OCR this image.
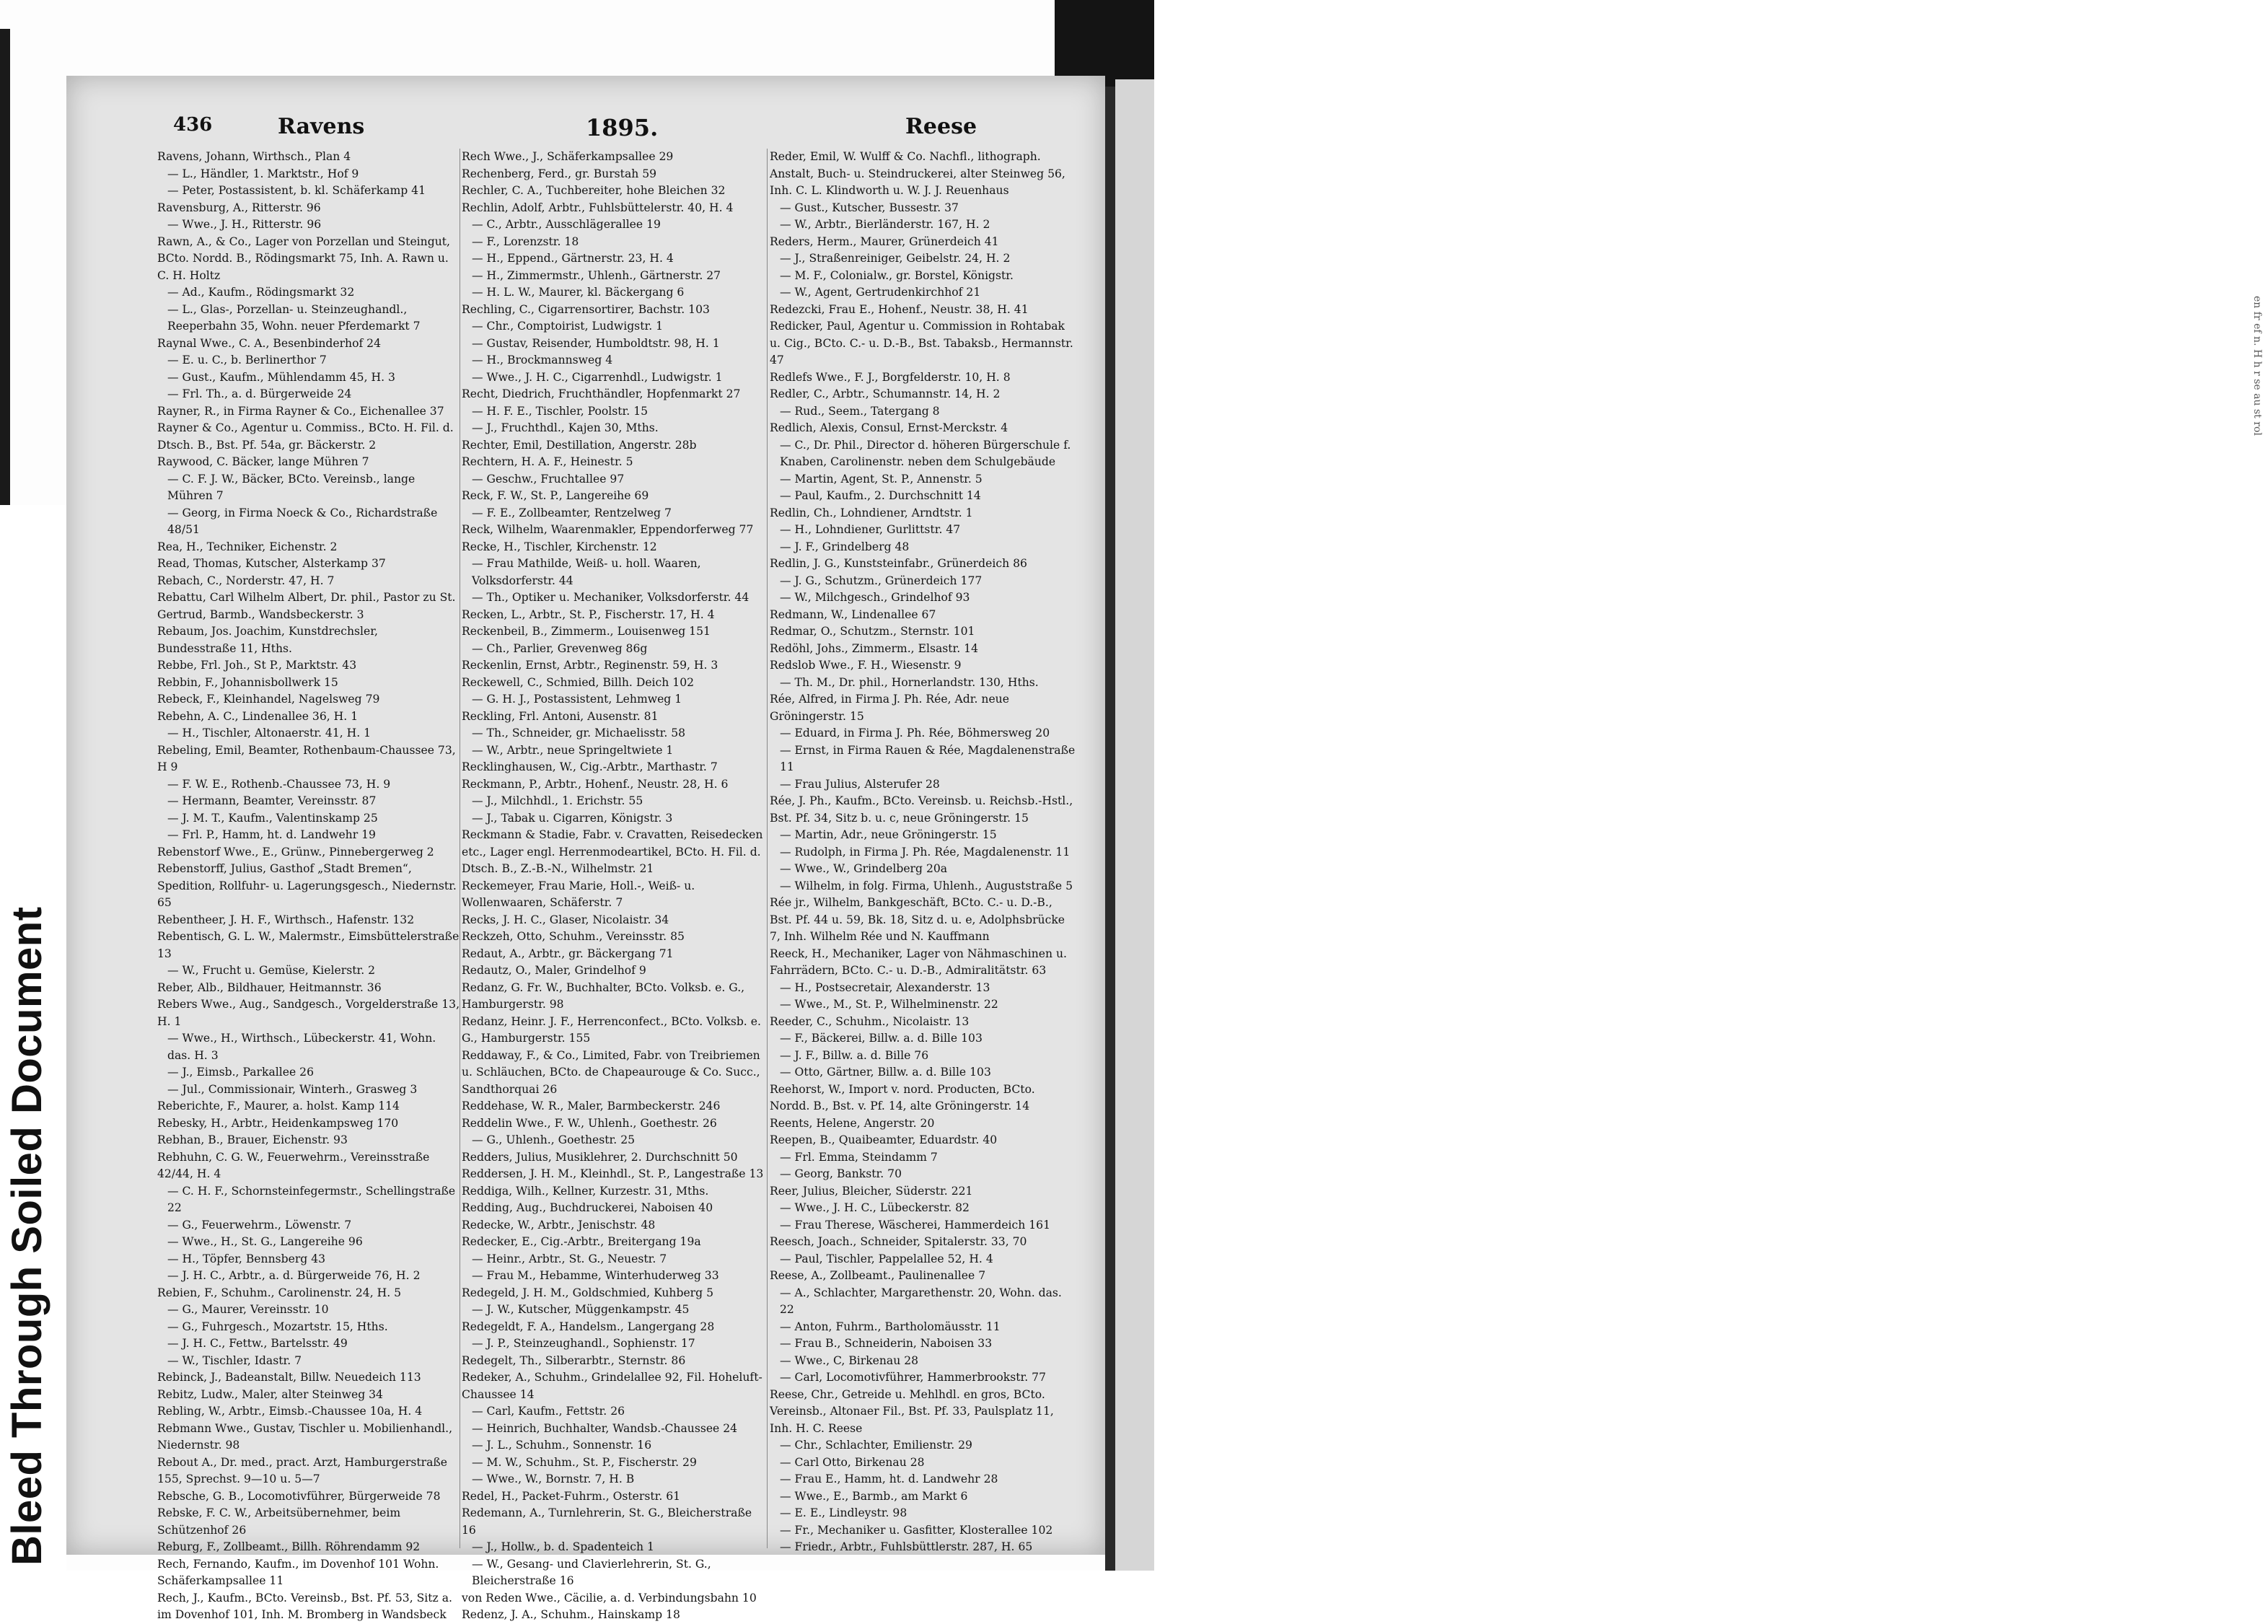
en fr ef n. H h r se au st rol
Bleed Through Soiled Document
436	Ravens	1895.	Reese
Ravens, Johann, Wirthsch., Plan 4
— L., Händler, 1. Marktstr., Hof 9
— Peter, Postassistent, b. kl. Schäferkamp 41
Ravensburg, A., Ritterstr. 96
— Wwe., J. H., Ritterstr. 96
Rawn, A., & Co., Lager von Porzellan und Steingut, BCto. Nordd. B., Rödingsmarkt 75, Inh. A. Rawn u. C. H. Holtz
— Ad., Kaufm., Rödingsmarkt 32
— L., Glas-, Porzellan- u. Steinzeughandl., Reeperbahn 35, Wohn. neuer Pferdemarkt 7
Raynal Wwe., C. A., Besenbinderhof 24
— E. u. C., b. Berlinerthor 7
— Gust., Kaufm., Mühlendamm 45, H. 3
— Frl. Th., a. d. Bürgerweide 24
Rayner, R., in Firma Rayner & Co., Eichenallee 37
Rayner & Co., Agentur u. Commiss., BCto. H. Fil. d. Dtsch. B., Bst. Pf. 54a, gr. Bäckerstr. 2
Raywood, C. Bäcker, lange Mühren 7
— C. F. J. W., Bäcker, BCto. Vereinsb., lange Mühren 7
— Georg, in Firma Noeck & Co., Richardstraße 48/51
Rea, H., Techniker, Eichenstr. 2
Read, Thomas, Kutscher, Alsterkamp 37
Rebach, C., Norderstr. 47, H. 7
Rebattu, Carl Wilhelm Albert, Dr. phil., Pastor zu St. Gertrud, Barmb., Wandsbeckerstr. 3
Rebaum, Jos. Joachim, Kunstdrechsler, Bundesstraße 11, Hths.
Rebbe, Frl. Joh., St P., Marktstr. 43
Rebbin, F., Johannisbollwerk 15
Rebeck, F., Kleinhandel, Nagelsweg 79
Rebehn, A. C., Lindenallee 36, H. 1
— H., Tischler, Altonaerstr. 41, H. 1
Rebeling, Emil, Beamter, Rothenbaum-Chaussee 73, H 9
— F. W. E., Rothenb.-Chaussee 73, H. 9
— Hermann, Beamter, Vereinsstr. 87
— J. M. T., Kaufm., Valentinskamp 25
— Frl. P., Hamm, ht. d. Landwehr 19
Rebenstorf Wwe., E., Grünw., Pinnebergerweg 2
Rebenstorff, Julius, Gasthof „Stadt Bremen“, Spedition, Rollfuhr- u. Lagerungsgesch., Niedernstr. 65
Rebentheer, J. H. F., Wirthsch., Hafenstr. 132
Rebentisch, G. L. W., Malermstr., Eimsbüttelerstraße 13
— W., Frucht u. Gemüse, Kielerstr. 2
Reber, Alb., Bildhauer, Heitmannstr. 36
Rebers Wwe., Aug., Sandgesch., Vorgelderstraße 13, H. 1
— Wwe., H., Wirthsch., Lübeckerstr. 41, Wohn. das. H. 3
— J., Eimsb., Parkallee 26
— Jul., Commissionair, Winterh., Grasweg 3
Reberichte, F., Maurer, a. holst. Kamp 114
Rebesky, H., Arbtr., Heidenkampsweg 170
Rebhan, B., Brauer, Eichenstr. 93
Rebhuhn, C. G. W., Feuerwehrm., Vereinsstraße 42/44, H. 4
— C. H. F., Schornsteinfegermstr., Schellingstraße 22
— G., Feuerwehrm., Löwenstr. 7
— Wwe., H., St. G., Langereihe 96
— H., Töpfer, Bennsberg 43
— J. H. C., Arbtr., a. d. Bürgerweide 76, H. 2
Rebien, F., Schuhm., Carolinenstr. 24, H. 5
— G., Maurer, Vereinsstr. 10
— G., Fuhrgesch., Mozartstr. 15, Hths.
— J. H. C., Fettw., Bartelsstr. 49
— W., Tischler, Idastr. 7
Rebinck, J., Badeanstalt, Billw. Neuedeich 113
Rebitz, Ludw., Maler, alter Steinweg 34
Rebling, W., Arbtr., Eimsb.-Chaussee 10a, H. 4
Rebmann Wwe., Gustav, Tischler u. Mobilienhandl., Niedernstr. 98
Rebout A., Dr. med., pract. Arzt, Hamburgerstraße 155, Sprechst. 9—10 u. 5—7
Rebsche, G. B., Locomotivführer, Bürgerweide 78
Rebske, F. C. W., Arbeitsübernehmer, beim Schützenhof 26
Reburg, F., Zollbeamt., Billh. Röhrendamm 92
Rech, Fernando, Kaufm., im Dovenhof 101 Wohn. Schäferkampsallee 11
Rech, J., Kaufm., BCto. Vereinsb., Bst. Pf. 53, Sitz a. im Dovenhof 101, Inh. M. Bromberg in Wandsbeck
Rech Wwe., J., Schäferkampsallee 29
Rechenberg, Ferd., gr. Burstah 59
Rechler, C. A., Tuchbereiter, hohe Bleichen 32
Rechlin, Adolf, Arbtr., Fuhlsbüttelerstr. 40, H. 4
— C., Arbtr., Ausschlägerallee 19
— F., Lorenzstr. 18
— H., Eppend., Gärtnerstr. 23, H. 4
— H., Zimmermstr., Uhlenh., Gärtnerstr. 27
— H. L. W., Maurer, kl. Bäckergang 6
Rechling, C., Cigarrensortirer, Bachstr. 103
— Chr., Comptoirist, Ludwigstr. 1
— Gustav, Reisender, Humboldtstr. 98, H. 1
— H., Brockmannsweg 4
— Wwe., J. H. C., Cigarrenhdl., Ludwigstr. 1
Recht, Diedrich, Fruchthändler, Hopfenmarkt 27
— H. F. E., Tischler, Poolstr. 15
— J., Fruchthdl., Kajen 30, Mths.
Rechter, Emil, Destillation, Angerstr. 28b
Rechtern, H. A. F., Heinestr. 5
— Geschw., Fruchtallee 97
Reck, F. W., St. P., Langereihe 69
— F. E., Zollbeamter, Rentzelweg 7
Reck, Wilhelm, Waarenmakler, Eppendorferweg 77
Recke, H., Tischler, Kirchenstr. 12
— Frau Mathilde, Weiß- u. holl. Waaren, Volksdorferstr. 44
— Th., Optiker u. Mechaniker, Volksdorferstr. 44
Recken, L., Arbtr., St. P., Fischerstr. 17, H. 4
Reckenbeil, B., Zimmerm., Louisenweg 151
— Ch., Parlier, Grevenweg 86g
Reckenlin, Ernst, Arbtr., Reginenstr. 59, H. 3
Reckewell, C., Schmied, Billh. Deich 102
— G. H. J., Postassistent, Lehmweg 1
Reckling, Frl. Antoni, Ausenstr. 81
— Th., Schneider, gr. Michaelisstr. 58
— W., Arbtr., neue Springeltwiete 1
Recklinghausen, W., Cig.-Arbtr., Marthastr. 7
Reckmann, P., Arbtr., Hohenf., Neustr. 28, H. 6
— J., Milchhdl., 1. Erichstr. 55
— J., Tabak u. Cigarren, Königstr. 3
Reckmann & Stadie, Fabr. v. Cravatten, Reisedecken etc., Lager engl. Herrenmodeartikel, BCto. H. Fil. d. Dtsch. B., Z.-B.-N., Wilhelmstr. 21
Reckemeyer, Frau Marie, Holl.-, Weiß- u. Wollenwaaren, Schäferstr. 7
Recks, J. H. C., Glaser, Nicolaistr. 34
Reckzeh, Otto, Schuhm., Vereinsstr. 85
Redaut, A., Arbtr., gr. Bäckergang 71
Redautz, O., Maler, Grindelhof 9
Redanz, G. Fr. W., Buchhalter, BCto. Volksb. e. G., Hamburgerstr. 98
Redanz, Heinr. J. F., Herrenconfect., BCto. Volksb. e. G., Hamburgerstr. 155
Reddaway, F., & Co., Limited, Fabr. von Treibriemen u. Schläuchen, BCto. de Chapeaurouge & Co. Succ., Sandthorquai 26
Reddehase, W. R., Maler, Barmbeckerstr. 246
Reddelin Wwe., F. W., Uhlenh., Goethestr. 26
— G., Uhlenh., Goethestr. 25
Redders, Julius, Musiklehrer, 2. Durchschnitt 50
Reddersen, J. H. M., Kleinhdl., St. P., Langestraße 13
Reddiga, Wilh., Kellner, Kurzestr. 31, Mths.
Redding, Aug., Buchdruckerei, Naboisen 40
Redecke, W., Arbtr., Jenischstr. 48
Redecker, E., Cig.-Arbtr., Breitergang 19a
— Heinr., Arbtr., St. G., Neuestr. 7
— Frau M., Hebamme, Winterhuderweg 33
Redegeld, J. H. M., Goldschmied, Kuhberg 5
— J. W., Kutscher, Müggenkampstr. 45
Redegeldt, F. A., Handelsm., Langergang 28
— J. P., Steinzeughandl., Sophienstr. 17
Redegelt, Th., Silberarbtr., Sternstr. 86
Redeker, A., Schuhm., Grindelallee 92, Fil. Hoheluft-Chaussee 14
— Carl, Kaufm., Fettstr. 26
— Heinrich, Buchhalter, Wandsb.-Chaussee 24
— J. L., Schuhm., Sonnenstr. 16
— M. W., Schuhm., St. P., Fischerstr. 29
— Wwe., W., Bornstr. 7, H. B
Redel, H., Packet-Fuhrm., Osterstr. 61
Redemann, A., Turnlehrerin, St. G., Bleicherstraße 16
— J., Hollw., b. d. Spadenteich 1
— W., Gesang- und Clavierlehrerin, St. G., Bleicherstraße 16
von Reden Wwe., Cäcilie, a. d. Verbindungsbahn 10
Redenz, J. A., Schuhm., Hainskamp 18
Reder, Emil, W. Wulff & Co. Nachfl., lithograph. Anstalt, Buch- u. Steindruckerei, alter Steinweg 56, Inh. C. L. Klindworth u. W. J. J. Reuenhaus
— Gust., Kutscher, Bussestr. 37
— W., Arbtr., Bierländerstr. 167, H. 2
Reders, Herm., Maurer, Grünerdeich 41
— J., Straßenreiniger, Geibelstr. 24, H. 2
— M. F., Colonialw., gr. Borstel, Königstr.
— W., Agent, Gertrudenkirchhof 21
Redezcki, Frau E., Hohenf., Neustr. 38, H. 41
Redicker, Paul, Agentur u. Commission in Rohtabak u. Cig., BCto. C.- u. D.-B., Bst. Tabaksb., Hermannstr. 47
Redlefs Wwe., F. J., Borgfelderstr. 10, H. 8
Redler, C., Arbtr., Schumannstr. 14, H. 2
— Rud., Seem., Tatergang 8
Redlich, Alexis, Consul, Ernst-Merckstr. 4
— C., Dr. Phil., Director d. höheren Bürgerschule f. Knaben, Carolinenstr. neben dem Schulgebäude
— Martin, Agent, St. P., Annenstr. 5
— Paul, Kaufm., 2. Durchschnitt 14
Redlin, Ch., Lohndiener, Arndtstr. 1
— H., Lohndiener, Gurlittstr. 47
— J. F., Grindelberg 48
Redlin, J. G., Kunststeinfabr., Grünerdeich 86
— J. G., Schutzm., Grünerdeich 177
— W., Milchgesch., Grindelhof 93
Redmann, W., Lindenallee 67
Redmar, O., Schutzm., Sternstr. 101
Redöhl, Johs., Zimmerm., Elsastr. 14
Redslob Wwe., F. H., Wiesenstr. 9
— Th. M., Dr. phil., Hornerlandstr. 130, Hths.
Rée, Alfred, in Firma J. Ph. Rée, Adr. neue Gröningerstr. 15
— Eduard, in Firma J. Ph. Rée, Böhmersweg 20
— Ernst, in Firma Rauen & Rée, Magdalenenstraße 11
— Frau Julius, Alsterufer 28
Rée, J. Ph., Kaufm., BCto. Vereinsb. u. Reichsb.-Hstl., Bst. Pf. 34, Sitz b. u. c, neue Gröningerstr. 15
— Martin, Adr., neue Gröningerstr. 15
— Rudolph, in Firma J. Ph. Rée, Magdalenenstr. 11
— Wwe., W., Grindelberg 20a
— Wilhelm, in folg. Firma, Uhlenh., Auguststraße 5
Rée jr., Wilhelm, Bankgeschäft, BCto. C.- u. D.-B., Bst. Pf. 44 u. 59, Bk. 18, Sitz d. u. e, Adolphsbrücke 7, Inh. Wilhelm Rée und N. Kauffmann
Reeck, H., Mechaniker, Lager von Nähmaschinen u. Fahrrädern, BCto. C.- u. D.-B., Admiralitätstr. 63
— H., Postsecretair, Alexanderstr. 13
— Wwe., M., St. P., Wilhelminenstr. 22
Reeder, C., Schuhm., Nicolaistr. 13
— F., Bäckerei, Billw. a. d. Bille 103
— J. F., Billw. a. d. Bille 76
— Otto, Gärtner, Billw. a. d. Bille 103
Reehorst, W., Import v. nord. Producten, BCto. Nordd. B., Bst. v. Pf. 14, alte Gröningerstr. 14
Reents, Helene, Angerstr. 20
Reepen, B., Quaibeamter, Eduardstr. 40
— Frl. Emma, Steindamm 7
— Georg, Bankstr. 70
Reer, Julius, Bleicher, Süderstr. 221
— Wwe., J. H. C., Lübeckerstr. 82
— Frau Therese, Wäscherei, Hammerdeich 161
Reesch, Joach., Schneider, Spitalerstr. 33, 70
— Paul, Tischler, Pappelallee 52, H. 4
Reese, A., Zollbeamt., Paulinenallee 7
— A., Schlachter, Margarethenstr. 20, Wohn. das. 22
— Anton, Fuhrm., Bartholomäusstr. 11
— Frau B., Schneiderin, Naboisen 33
— Wwe., C, Birkenau 28
— Carl, Locomotivführer, Hammerbrookstr. 77
Reese, Chr., Getreide u. Mehlhdl. en gros, BCto. Vereinsb., Altonaer Fil., Bst. Pf. 33, Paulsplatz 11, Inh. H. C. Reese
— Chr., Schlachter, Emilienstr. 29
— Carl Otto, Birkenau 28
— Frau E., Hamm, ht. d. Landwehr 28
— Wwe., E., Barmb., am Markt 6
— E. E., Lindleystr. 98
— Fr., Mechaniker u. Gasfitter, Klosterallee 102
— Friedr., Arbtr., Fuhlsbüttlerstr. 287, H. 65
